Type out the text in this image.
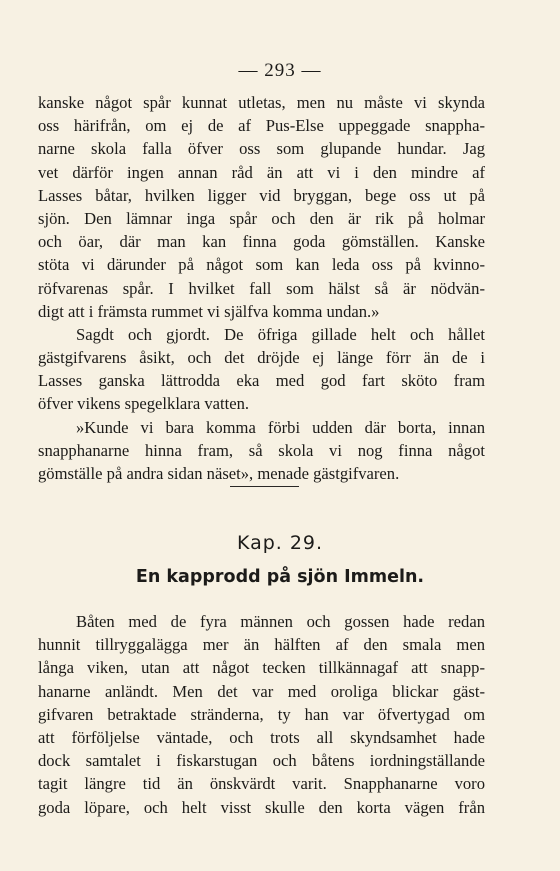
— 293 —
kanske något spår kunnat utletas, men nu måste vi skynda
oss härifrån, om ej de af Pus-Else uppeggade snappha-
narne skola falla öfver oss som glupande hundar. Jag
vet därför ingen annan råd än att vi i den mindre af
Lasses båtar, hvilken ligger vid bryggan, bege oss ut på
sjön. Den lämnar inga spår och den är rik på holmar
och öar, där man kan finna goda gömställen. Kanske
stöta vi därunder på något som kan leda oss på kvinno-
röfvarenas spår. I hvilket fall som hälst så är nödvän-
digt att i främsta rummet vi själfva komma undan.»
Sagdt och gjordt. De öfriga gillade helt och hållet
gästgifvarens åsikt, och det dröjde ej länge förr än de i
Lasses ganska lättrodda eka med god fart sköto fram
öfver vikens spegelklara vatten.
»Kunde vi bara komma förbi udden där borta, innan
snapphanarne hinna fram, så skola vi nog finna något
gömställe på andra sidan näset», menade gästgifvaren.
Kap. 29.
En kapprodd på sjön Immeln.
Båten med de fyra männen och gossen hade redan
hunnit tillryggalägga mer än hälften af den smala men
långa viken, utan att något tecken tillkännagaf att snapp-
hanarne anländt. Men det var med oroliga blickar gäst-
gifvaren betraktade stränderna, ty han var öfvertygad om
att förföljelse väntade, och trots all skyndsamhet hade
dock samtalet i fiskarstugan och båtens iordningställande
tagit längre tid än önskvärdt varit. Snapphanarne voro
goda löpare, och helt visst skulle den korta vägen från
